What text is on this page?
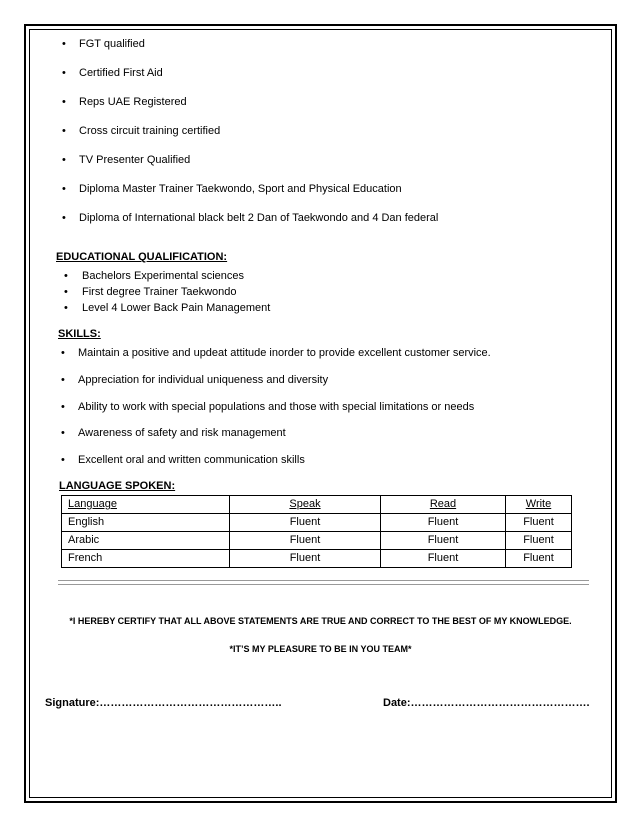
• FGT qualified
• Certified First Aid
• Reps UAE Registered
• Cross circuit training certified
• TV Presenter Qualified
• Diploma Master Trainer Taekwondo, Sport and Physical Education
• Diploma of International black belt 2 Dan of Taekwondo and 4 Dan federal
EDUCATIONAL QUALIFICATION:
• Bachelors Experimental sciences
• First degree Trainer Taekwondo
• Level 4 Lower Back Pain Management
SKILLS:
• Maintain a positive and updeat attitude inorder to provide excellent customer service.
• Appreciation for individual uniqueness and diversity
• Ability to work with special populations and those with special limitations or needs
• Awareness of safety and risk management
• Excellent oral and written communication skills
LANGUAGE SPOKEN:
Language	Speak	Read	Write
English	Fluent	Fluent	Fluent
Arabic	Fluent	Fluent	Fluent
French	Fluent	Fluent	Fluent
*I HEREBY CERTIFY THAT ALL ABOVE STATEMENTS ARE TRUE AND CORRECT TO THE BEST OF MY KNOWLEDGE.
*IT’S MY PLEASURE TO BE IN YOU TEAM*
Signature:…………………………………………..	Date:………………………………………….
